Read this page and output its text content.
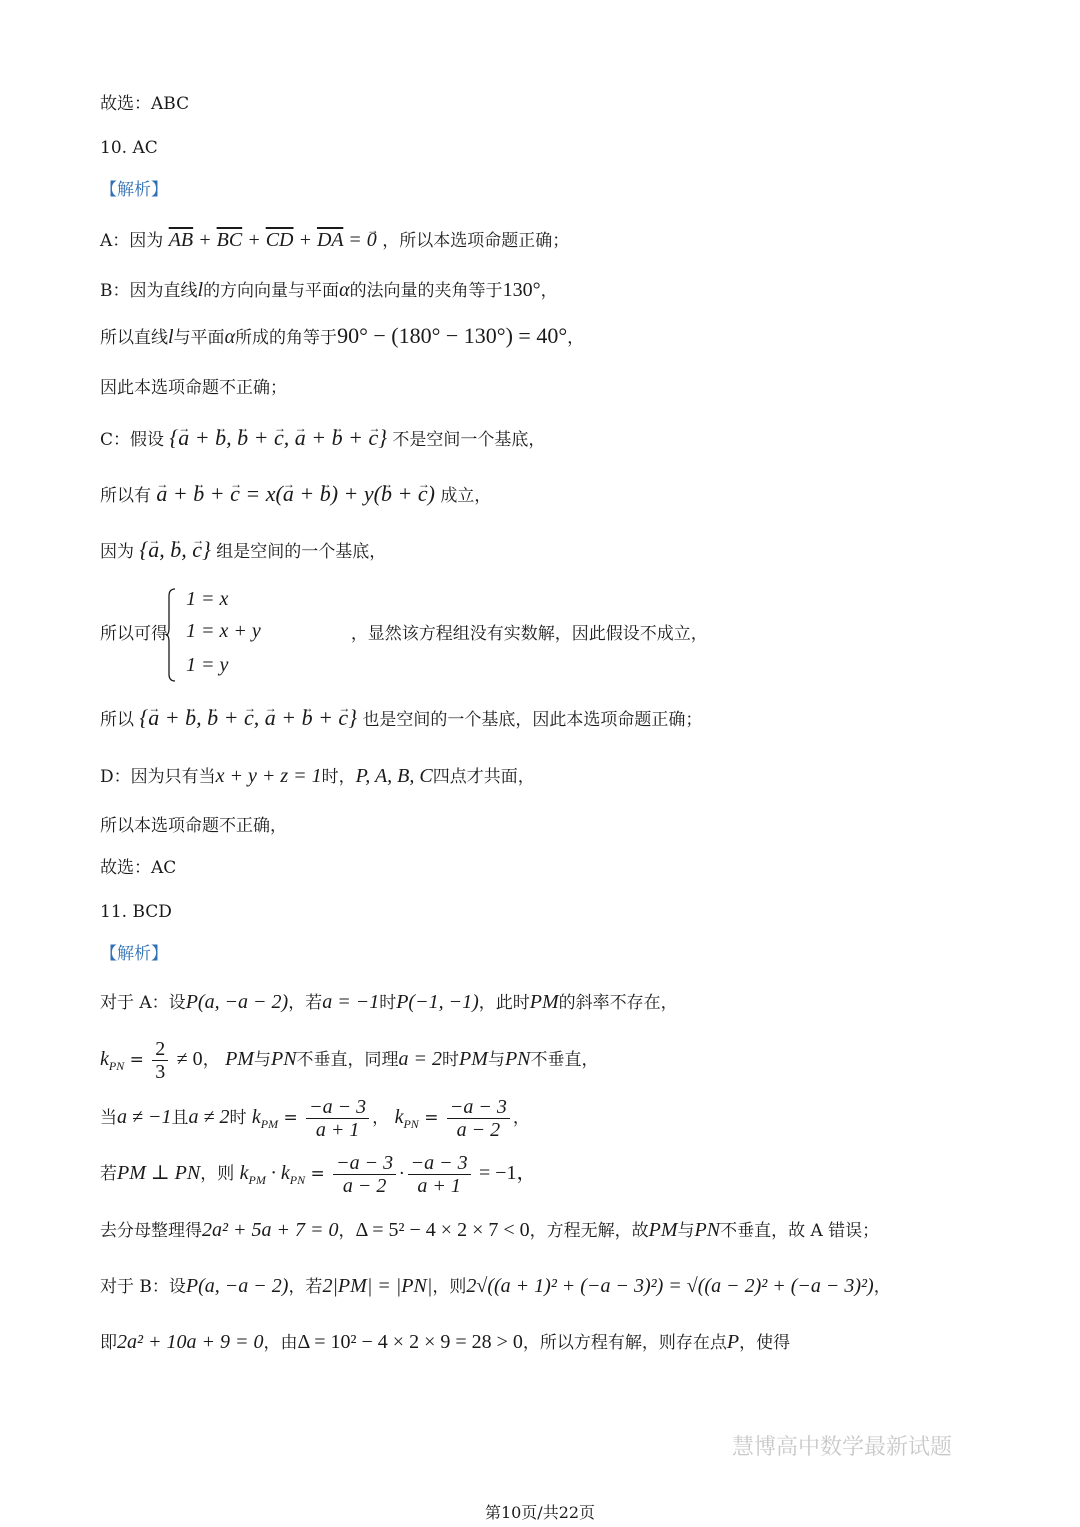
故选：ABC
10. AC
【解析】
A：因为 $\overline{AB} + \overline{BC} + \overline{CD} + \overline{DA}$ = → 0 ，所以本选项命题正确；
B：因为直线l的方向向量与平面α的法向量的夹角等于130°，
所以直线l与平面α所成的角等于90° − (180° − 130°) = 40°，
因此本选项命题不正确；
C：假设 {→ a + → b, → b + → c, → a + → b + → c} 不是空间一个基底，
所以有 → a + → b + → c = x(→ a + → b) + y(→ b + → c) 成立，
因为 {→ a, → b, → c} 组是空间的一个基底，
所以可得	，显然该方程组没有实数解，因此假设不成立，
1 = x
1 = x + y
1 = y
所以 {→ a + → b, → b + → c, → a + → b + → c} 也是空间的一个基底，因此本选项命题正确；
D：因为只有当x + y + z = 1时，P, A, B, C四点才共面，
所以本选项命题不正确，
故选：AC
11. BCD
【解析】
对于 A：设P(a, −a − 2)，若a = −1时P(−1, −1)，此时PM的斜率不存在，
$k_{PN} = \frac{2}{3} \ne 0$， PM与PN不垂直，同理a = 2时PM与PN不垂直，
当a ≠ −1且a ≠ 2时 $k_{PM} = \frac{-a - 3}{a + 1}$ ， $k_{PN} = \frac{-a - 3}{a - 2}$ ，
若PM ⊥ PN，则 $k_{PM} \cdot k_{PN} = \frac{-a - 3}{a - 2} \cdot \frac{-a - 3}{a + 1} = -1$，
去分母整理得2a² + 5a + 7 = 0，Δ = 5² − 4 × 2 × 7 < 0，方程无解，故PM与PN不垂直，故 A 错误；
对于 B：设P(a, −a − 2)，若2|PM| = |PN|，则2√((a + 1)² + (−a − 3)²) = √((a − 2)² + (−a − 3)²)，
即2a² + 10a + 9 = 0，由Δ = 10² − 4 × 2 × 9 = 28 > 0，所以方程有解，则存在点P，使得
慧博高中数学最新试题
第10页/共22页
